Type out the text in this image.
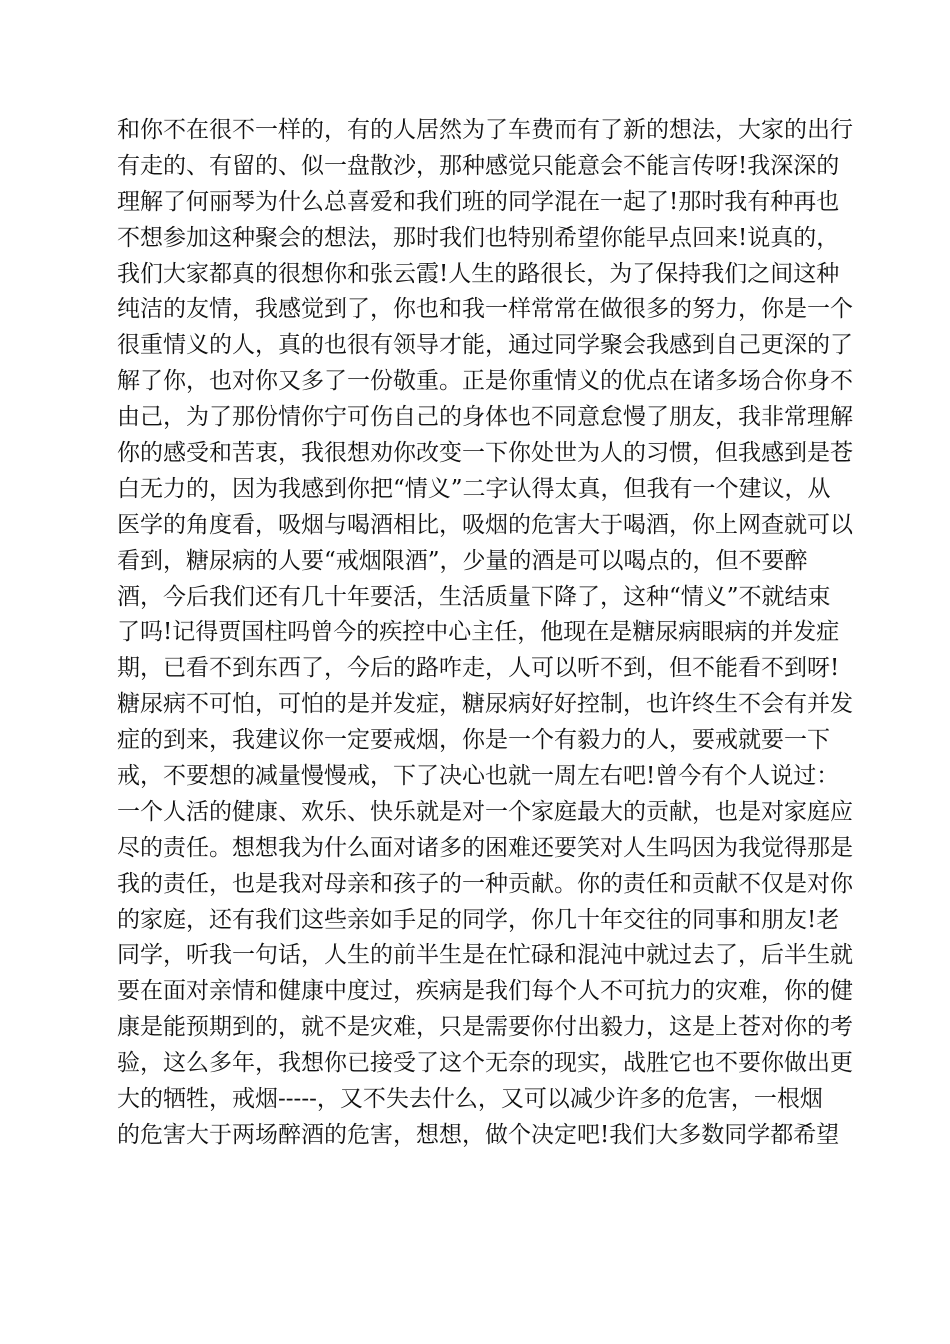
和你不在很不一样的，有的人居然为了车费而有了新的想法，大家的出行
有走的、有留的、似一盘散沙，那种感觉只能意会不能言传呀!我深深的
理解了何丽琴为什么总喜爱和我们班的同学混在一起了!那时我有种再也
不想参加这种聚会的想法，那时我们也特别希望你能早点回来!说真的，
我们大家都真的很想你和张云霞!人生的路很长，为了保持我们之间这种
纯洁的友情，我感觉到了，你也和我一样常常在做很多的努力，你是一个
很重情义的人，真的也很有领导才能，通过同学聚会我感到自己更深的了
解了你，也对你又多了一份敬重。正是你重情义的优点在诸多场合你身不
由己，为了那份情你宁可伤自己的身体也不同意怠慢了朋友，我非常理解
你的感受和苦衷，我很想劝你改变一下你处世为人的习惯，但我感到是苍
白无力的，因为我感到你把“情义”二字认得太真，但我有一个建议，从
医学的角度看，吸烟与喝酒相比，吸烟的危害大于喝酒，你上网查就可以
看到，糖尿病的人要“戒烟限酒”，少量的酒是可以喝点的，但不要醉
酒，今后我们还有几十年要活，生活质量下降了，这种“情义”不就结束
了吗!记得贾国柱吗曾今的疾控中心主任，他现在是糖尿病眼病的并发症
期，已看不到东西了，今后的路咋走，人可以听不到，但不能看不到呀!
糖尿病不可怕，可怕的是并发症，糖尿病好好控制，也许终生不会有并发
症的到来，我建议你一定要戒烟，你是一个有毅力的人，要戒就要一下
戒，不要想的减量慢慢戒，下了决心也就一周左右吧!曾今有个人说过：
一个人活的健康、欢乐、快乐就是对一个家庭最大的贡献，也是对家庭应
尽的责任。想想我为什么面对诸多的困难还要笑对人生吗因为我觉得那是
我的责任，也是我对母亲和孩子的一种贡献。你的责任和贡献不仅是对你
的家庭，还有我们这些亲如手足的同学，你几十年交往的同事和朋友!老
同学，听我一句话，人生的前半生是在忙碌和混沌中就过去了，后半生就
要在面对亲情和健康中度过，疾病是我们每个人不可抗力的灾难，你的健
康是能预期到的，就不是灾难，只是需要你付出毅力，这是上苍对你的考
验，这么多年，我想你已接受了这个无奈的现实，战胜它也不要你做出更
大的牺牲，戒烟-----，又不失去什么，又可以减少许多的危害，一根烟
的危害大于两场醉酒的危害，想想，做个决定吧!我们大多数同学都希望
